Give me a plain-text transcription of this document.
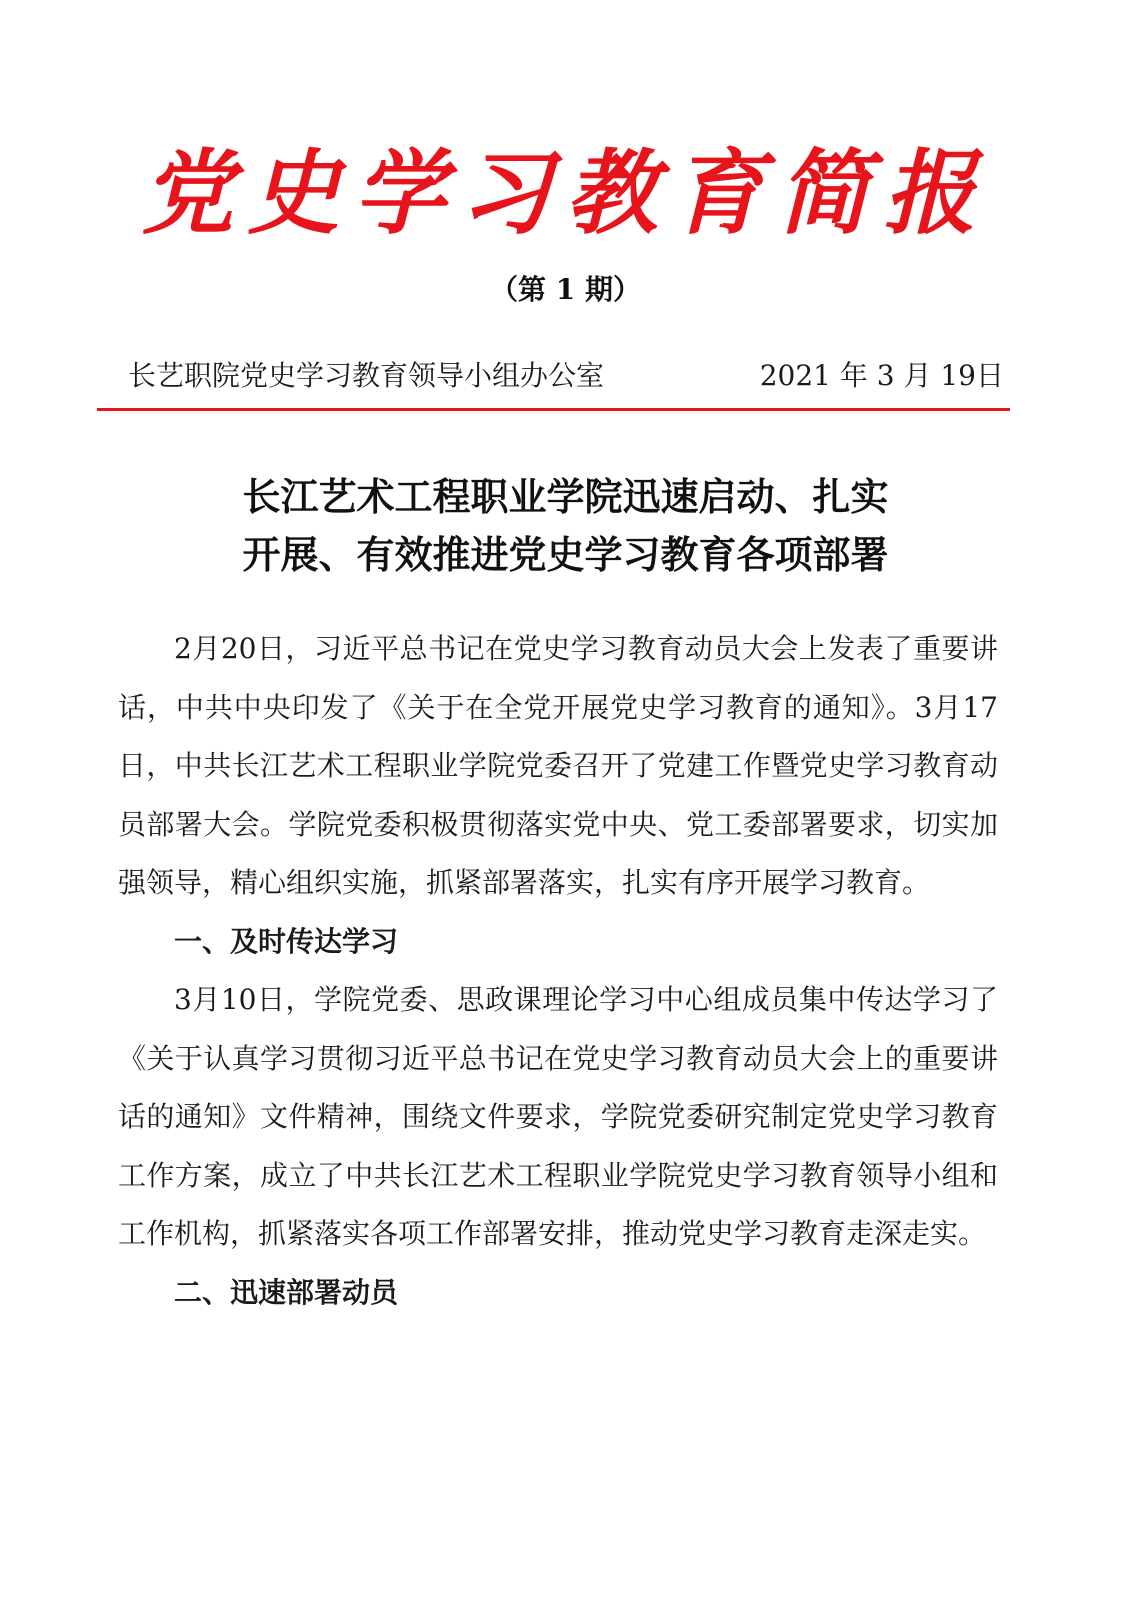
党史学习教育简报
（第 1 期）
长艺职院党史学习教育领导小组办公室	2021 年 3 月 19日
长江艺术工程职业学院迅速启动、扎实
开展、有效推进党史学习教育各项部署

2月20日，习近平总书记在党史学习教育动员大会上发表了重要讲话，中共中央印发了《关于在全党开展党史学习教育的通知》。3月17日，中共长江艺术工程职业学院党委召开了党建工作暨党史学习教育动员部署大会。学院党委积极贯彻落实党中央、党工委部署要求，切实加强领导，精心组织实施，抓紧部署落实，扎实有序开展学习教育。

一、及时传达学习

3月10日，学院党委、思政课理论学习中心组成员集中传达学习了《关于认真学习贯彻习近平总书记在党史学习教育动员大会上的重要讲话的通知》文件精神，围绕文件要求，学院党委研究制定党史学习教育工作方案，成立了中共长江艺术工程职业学院党史学习教育领导小组和工作机构，抓紧落实各项工作部署安排，推动党史学习教育走深走实。

二、迅速部署动员
